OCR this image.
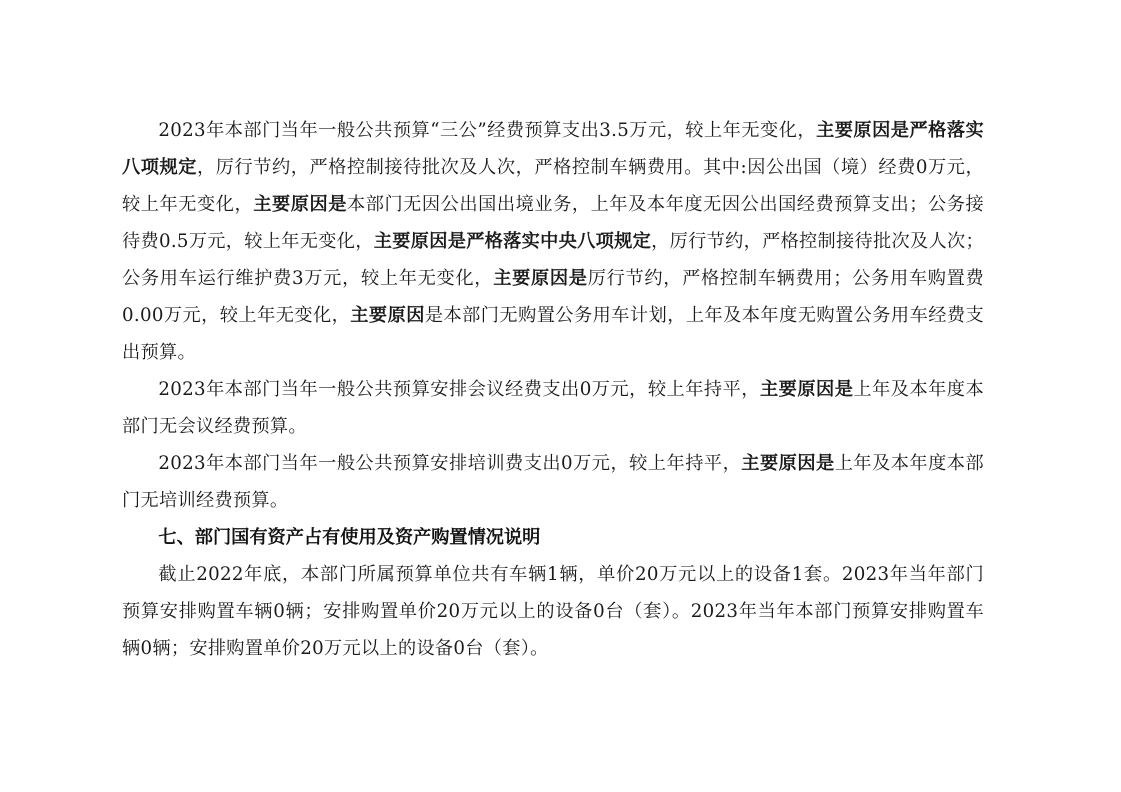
2023年本部门当年一般公共预算“三公”经费预算支出3.5万元，较上年无变化，主要原因是严格落实八项规定，厉行节约，严格控制接待批次及人次，严格控制车辆费用。其中:因公出国（境）经费0万元，较上年无变化，主要原因是本部门无因公出国出境业务，上年及本年度无因公出国经费预算支出；公务接待费0.5万元，较上年无变化，主要原因是严格落实中央八项规定，厉行节约，严格控制接待批次及人次；公务用车运行维护费3万元，较上年无变化，主要原因是厉行节约，严格控制车辆费用；公务用车购置费0.00万元，较上年无变化，主要原因是本部门无购置公务用车计划，上年及本年度无购置公务用车经费支出预算。

2023年本部门当年一般公共预算安排会议经费支出0万元，较上年持平，主要原因是上年及本年度本部门无会议经费预算。

2023年本部门当年一般公共预算安排培训费支出0万元，较上年持平，主要原因是上年及本年度本部门无培训经费预算。

七、部门国有资产占有使用及资产购置情况说明

截止2022年底，本部门所属预算单位共有车辆1辆，单价20万元以上的设备1套。2023年当年部门预算安排购置车辆0辆；安排购置单价20万元以上的设备0台（套）。2023年当年本部门预算安排购置车辆0辆；安排购置单价20万元以上的设备0台（套）。
